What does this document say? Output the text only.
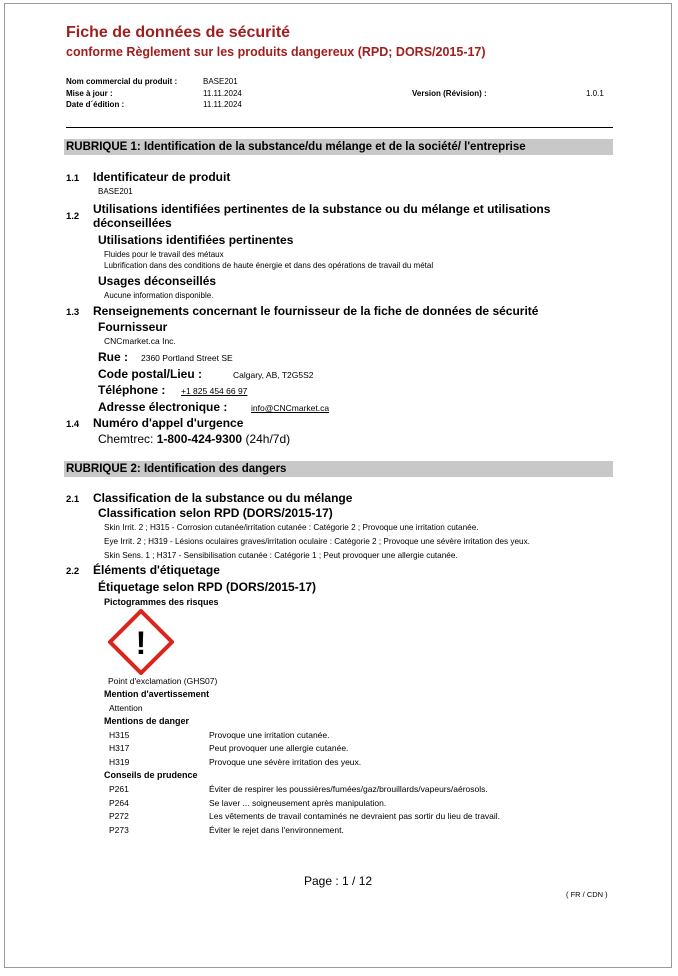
Fiche de données de sécurité
conforme Règlement sur les produits dangereux (RPD; DORS/2015-17)
Nom commercial du produit :	BASE201
Mise à jour :	11.11.2024
Date d´édition :	11.11.2024
Version (Révision) :	1.0.1
RUBRIQUE 1: Identification de la substance/du mélange et de la société/ l'entreprise
1.1 Identificateur de produit
BASE201
1.2
Utilisations identifiées pertinentes de la substance ou du mélange et utilisations
déconseillées
Utilisations identifiées pertinentes
Fluides pour le travail des métaux
Lubrification dans des conditions de haute énergie et dans des opérations de travail du métal
Usages déconseillés
Aucune information disponible.
1.3 Renseignements concernant le fournisseur de la fiche de données de sécurité
Fournisseur
CNCmarket.ca Inc.
Rue : 2360 Portland Street SE
Code postal/Lieu :	Calgary, AB, T2G5S2
Téléphone : +1 825 454 66 97
Adresse électronique :	info@CNCmarket.ca
1.4 Numéro d'appel d'urgence
Chemtrec: 1-800-424-9300 (24h/7d)
RUBRIQUE 2: Identification des dangers
2.1 Classification de la substance ou du mélange
Classification selon RPD (DORS/2015-17)
Skin Irrit. 2 ; H315 - Corrosion cutanée/irritation cutanée : Catégorie 2 ; Provoque une irritation cutanée.
Eye Irrit. 2 ; H319 - Lésions oculaires graves/irritation oculaire : Catégorie 2 ; Provoque une sévère irritation des yeux.
Skin Sens. 1 ; H317 - Sensibilisation cutanée : Catégorie 1 ; Peut provoquer une allergie cutanée.
2.2 Éléments d'étiquetage
Étiquetage selon RPD (DORS/2015-17)
Pictogrammes des risques
!
Point d'exclamation (GHS07)
Mention d'avertissement
Attention
Mentions de danger
H315	Provoque une irritation cutanée.
H317	Peut provoquer une allergie cutanée.
H319	Provoque une sévère irritation des yeux.
Conseils de prudence
P261	Éviter de respirer les poussières/fumées/gaz/brouillards/vapeurs/aérosols.
P264	Se laver ... soigneusement après manipulation.
P272	Les vêtements de travail contaminés ne devraient pas sortir du lieu de travail.
P273	Éviter le rejet dans l'environnement.
Page : 1 / 12
( FR / CDN )
